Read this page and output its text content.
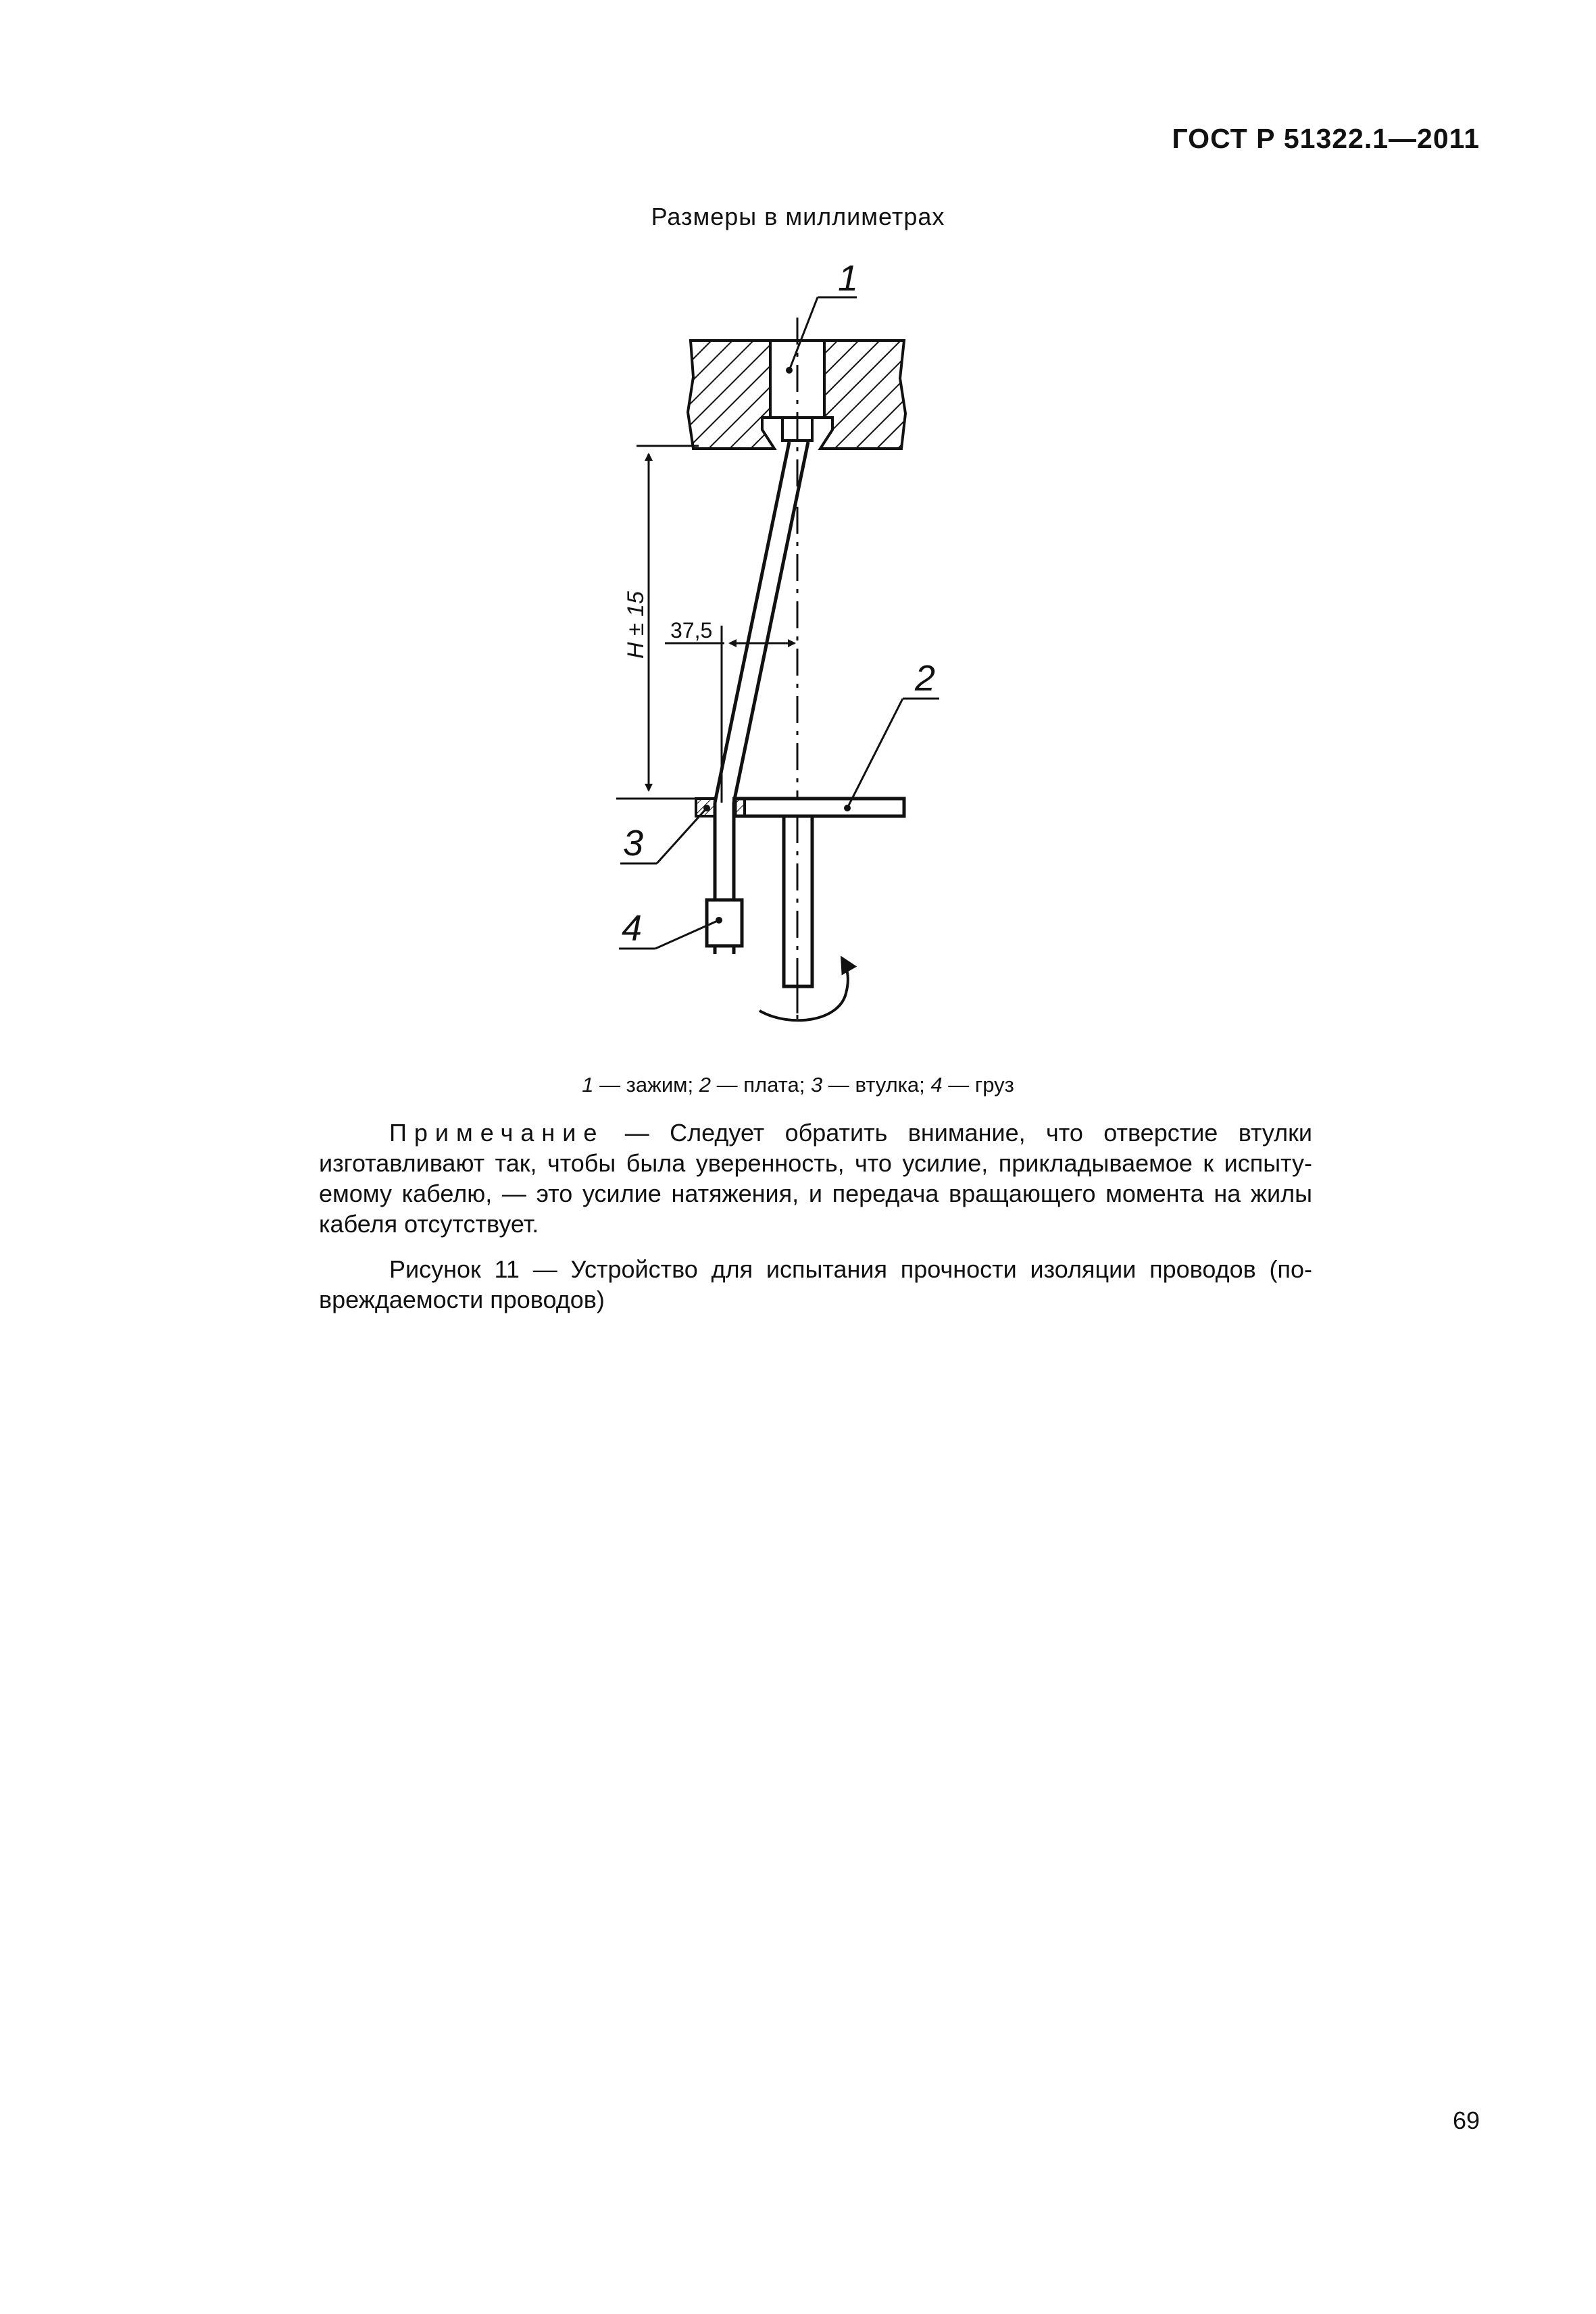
ГОСТ Р 51322.1—2011
Размеры в миллиметрах
H ± 15 37,5
1
2
3
4
1 — зажим; 2 — плата; 3 — втулка; 4 — груз
Примечание — Следует обратить внимание, что отверстие втулки изготавливают так, чтобы была уверенность, что усилие, прикладываемое к испыту-емому кабелю, — это усилие натяжения, и передача вращающего момента на жилы кабеля отсутствует.
Рисунок 11 — Устройство для испытания прочности изоляции проводов (по-вреждаемости проводов)
69
